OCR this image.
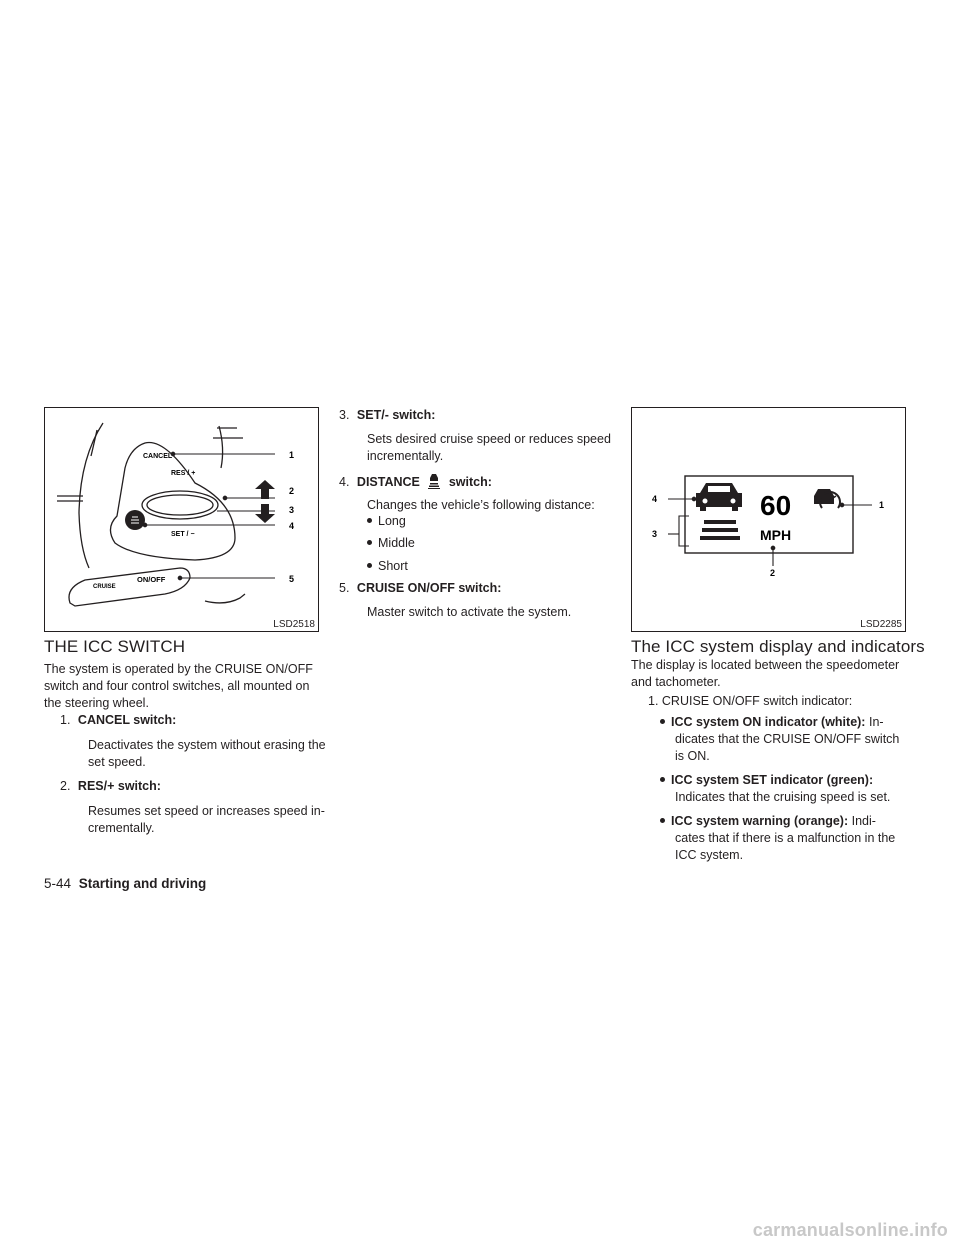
CANCEL
RES / +
SET / −
CRUISE
ON/OFF
1
2
3
4
5
LSD2518
60
MPH
1
2
3
4
LSD2285
THE ICC SWITCH
The system is operated by the CRUISE ON/OFF
switch and four control switches, all mounted on
the steering wheel.
1. CANCEL switch:
Deactivates the system without erasing the
set speed.
2. RES/+ switch:
Resumes set speed or increases speed in-
crementally.
3. SET/- switch:
Sets desired cruise speed or reduces speed
incrementally.
4. DISTANCE switch:
Changes the vehicle’s following distance:
Long
Middle
Short
5. CRUISE ON/OFF switch:
Master switch to activate the system.
The ICC system display and indicators
The display is located between the speedometer
and tachometer.
1. CRUISE ON/OFF switch indicator:
ICC system ON indicator (white): In-
dicates that the CRUISE ON/OFF switch
is ON.
ICC system SET indicator (green):
Indicates that the cruising speed is set.
ICC system warning (orange): Indi-
cates that if there is a malfunction in the
ICC system.
5-44 Starting and driving
carmanualsonline.info
